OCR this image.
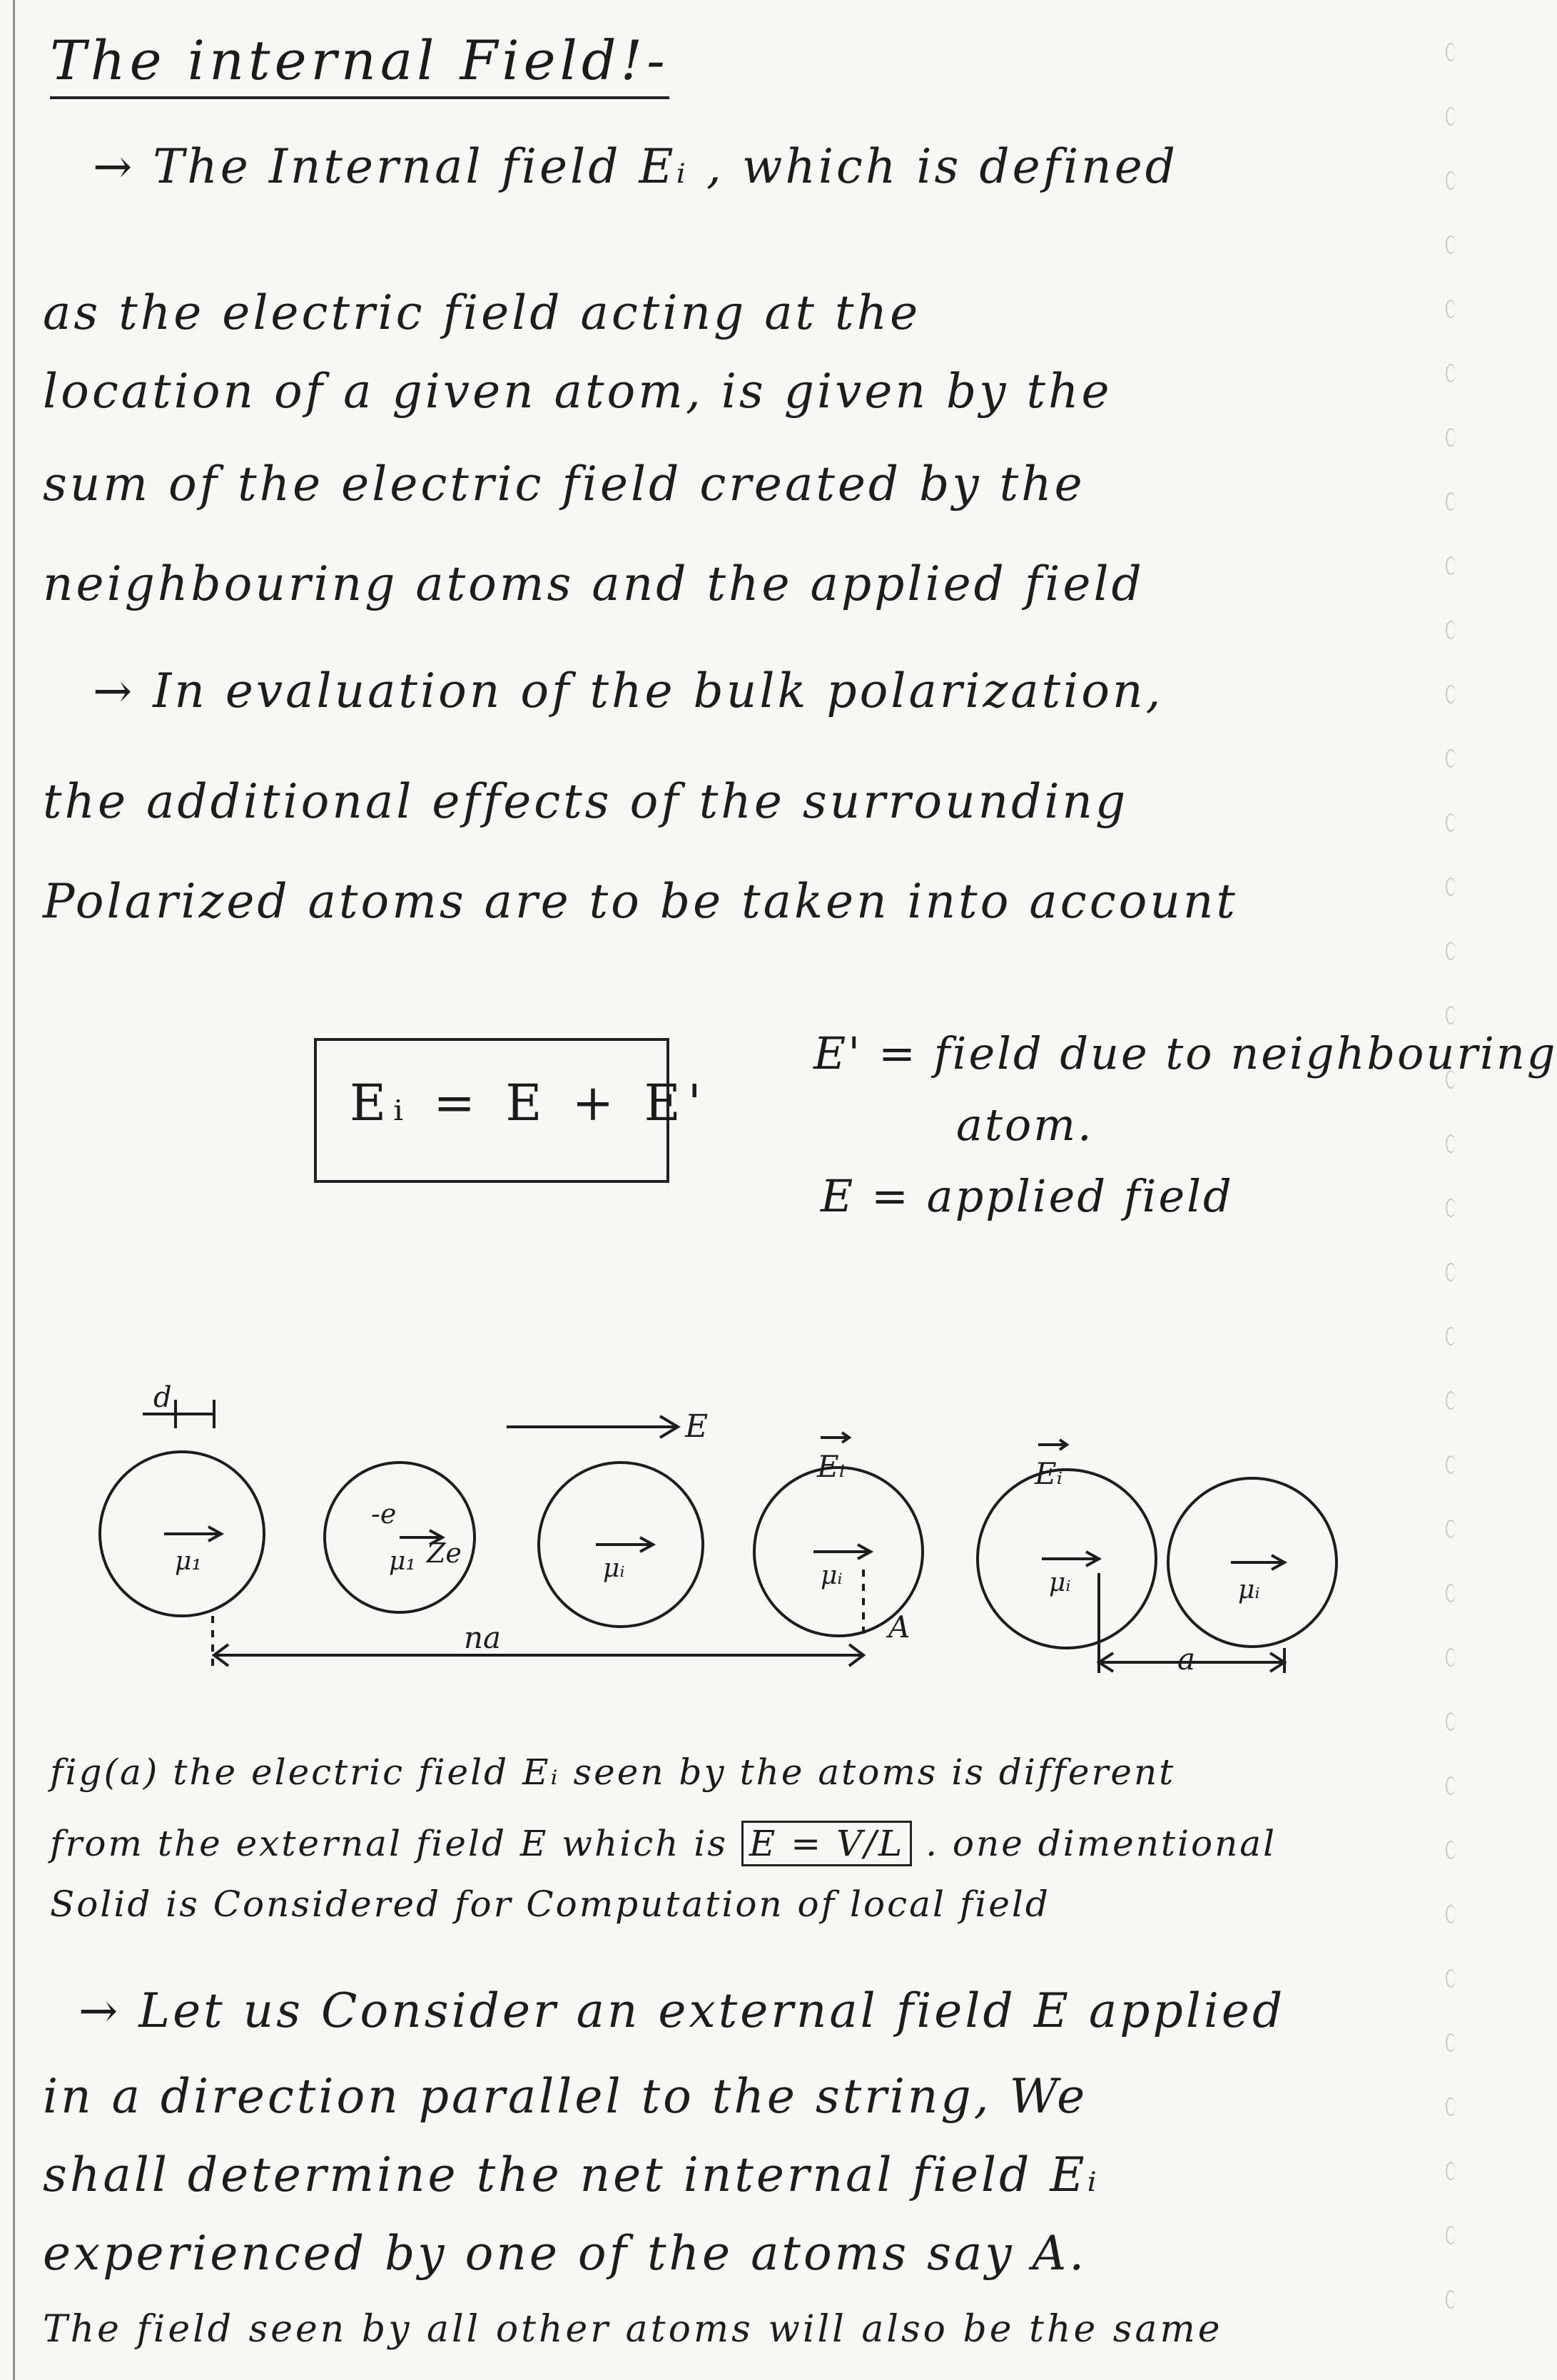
The internal Field!-
→ The Internal field Eᵢ , which is defined
as the electric field acting at the
location of a given atom, is given by the
sum of the electric field created by the
neighbouring atoms and the applied field
→ In evaluation of the bulk polarization,
the additional effects of the surrounding
Polarized atoms are to be taken into account
Eᵢ = E + E'
E' = field due to neighbouring
atom.
E = applied field
d
E
Eᵢ	Eᵢ
-e
Ze
μ₁	μ₁	μᵢ	μᵢ	μᵢ	μᵢ
na
a
A
fig(a) the electric field Eᵢ seen by the atoms is different
from the external field E which is E = V/L . one dimentional
Solid is Considered for Computation of local field
→ Let us Consider an external field E applied
in a direction parallel to the string, We
shall determine the net internal field Eᵢ
experienced by one of the atoms say A.
The field seen by all other atoms will also be the same
